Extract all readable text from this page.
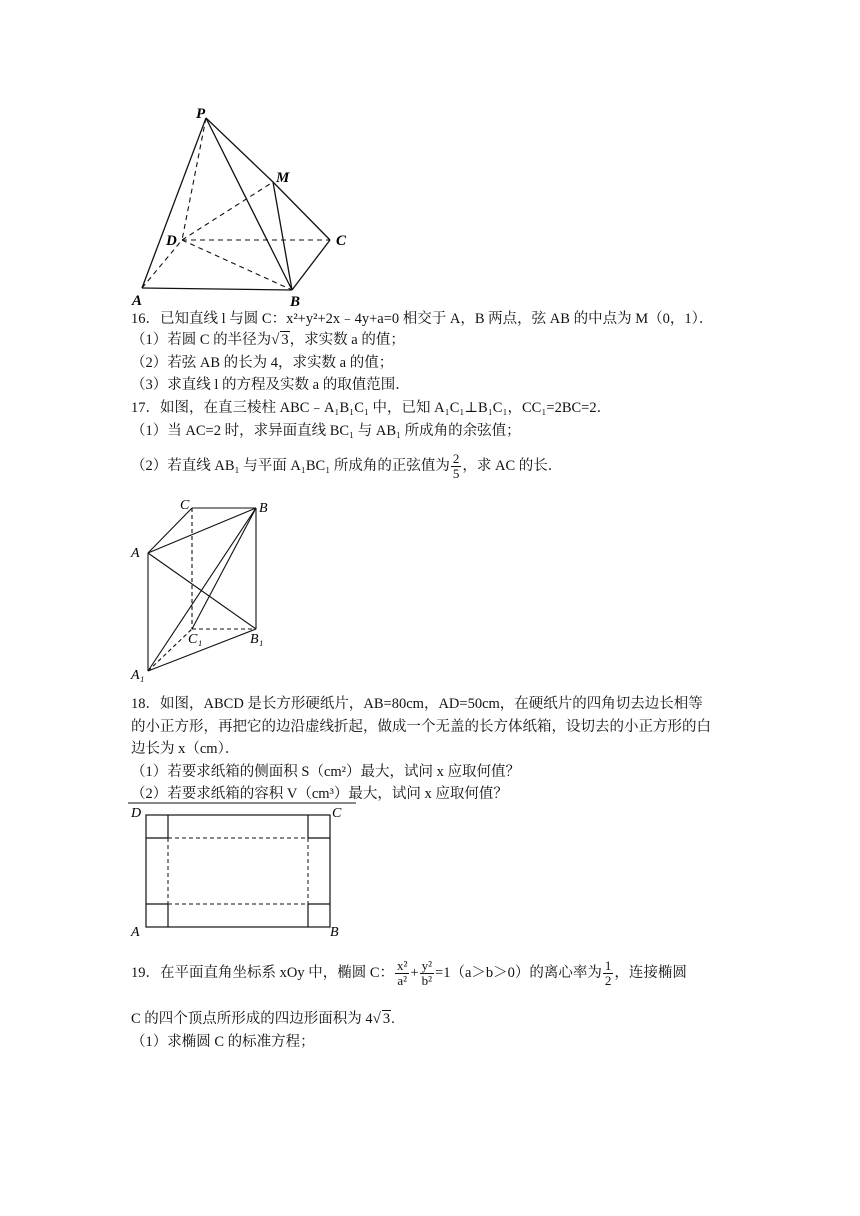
P
M
D	C
A	B
16．已知直线 l 与圆 C：x²+y²+2x﹣4y+a=0 相交于 A，B 两点，弦 AB 的中点为 M（0，1）．
（1）若圆 C 的半径为√ 3，求实数 a 的值；
（2）若弦 AB 的长为 4，求实数 a 的值；
（3）求直线 l 的方程及实数 a 的取值范围．
17．如图，在直三棱柱 ABC﹣A₁B₁C₁ 中，已知 A₁C₁⊥B₁C₁，CC₁=2BC=2．
（1）当 AC=2 时，求异面直线 BC₁ 与 AB₁ 所成角的余弦值；
（2）若直线 AB₁ 与平面 A₁BC₁ 所成角的正弦值为 $\frac{2}{5}$ ，求 AC 的长．
C	B
A
C₁	B₁
A₁
18．如图，ABCD 是长方形硬纸片，AB=80cm，AD=50cm，在硬纸片的四角切去边长相等
的小正方形，再把它的边沿虚线折起，做成一个无盖的长方体纸箱，设切去的小正方形的白
边长为 x（cm）．
（1）若要求纸箱的侧面积 S（cm²）最大，试问 x 应取何值？
（2）若要求纸箱的容积 V（cm³）最大，试问 x 应取何值？
D	C
A	B
19．在平面直角坐标系 xOy 中，椭圆 C： $\frac{\text{x²}}{\text{a²}} + \frac{\text{y²}}{\text{b²}} =1(a>b>0)$的离心率为 $\frac{1}{2}$ ，连接椭圆
C 的四个顶点所形成的四边形面积为 4√ 3.
（1）求椭圆 C 的标准方程；
